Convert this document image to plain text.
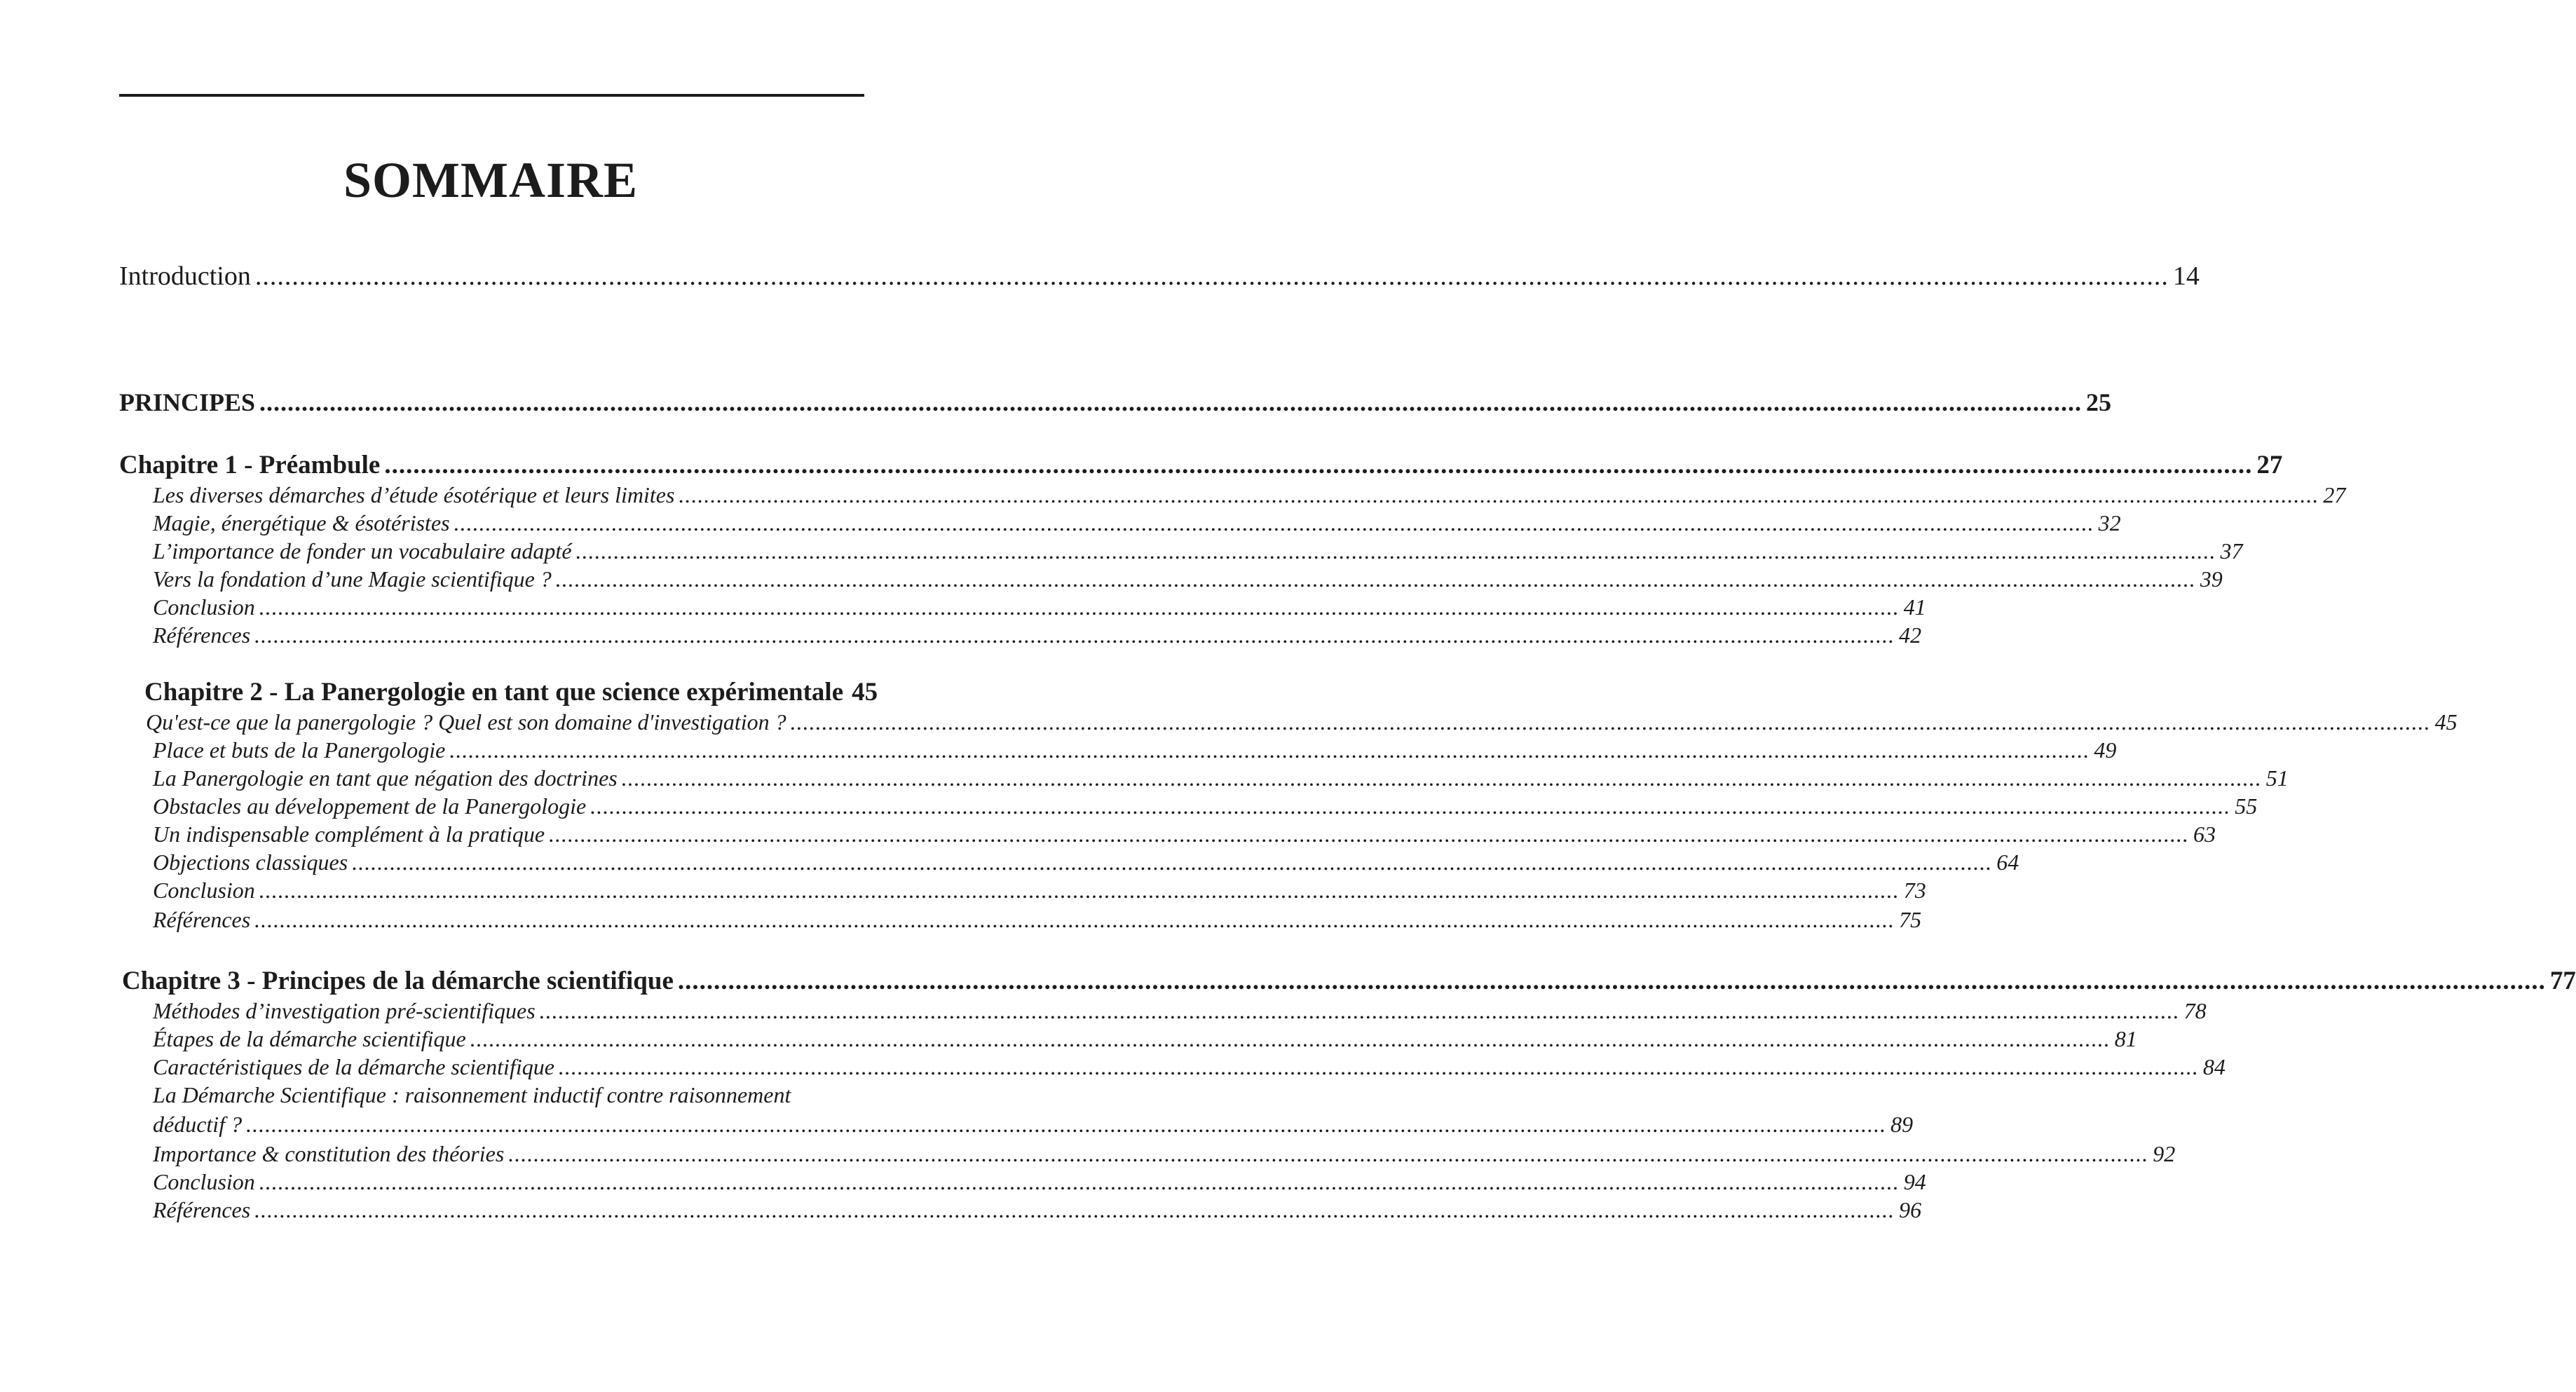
SOMMAIRE
Introduction .....	14
PRINCIPES .....	25
Chapitre 1 - Préambule .....	27
Les diverses démarches d’étude ésotérique et leurs limites .....	27
Magie, énergétique & ésotéristes .....	32
L’importance de fonder un vocabulaire adapté .....	37
Vers la fondation d’une Magie scientifique ? .....	39
Conclusion .....	41
Références .....	42
Chapitre 2 - La Panergologie en tant que science expérimentale 45
Qu'est-ce que la panergologie ? Quel est son domaine d'investigation ? .....	45
Place et buts de la Panergologie .....	49
La Panergologie en tant que négation des doctrines .....	51
Obstacles au développement de la Panergologie .....	55
Un indispensable complément à la pratique .....	63
Objections classiques .....	64
Conclusion .....	73
Références .....	75
Chapitre 3 - Principes de la démarche scientifique .....	77
Méthodes d’investigation pré-scientifiques .....	78
Étapes de la démarche scientifique .....	81
Caractéristiques de la démarche scientifique .....	84
La Démarche Scientifique : raisonnement inductif contre raisonnement
déductif ? .....	89
Importance & constitution des théories .....	92
Conclusion .....	94
Références .....	96
